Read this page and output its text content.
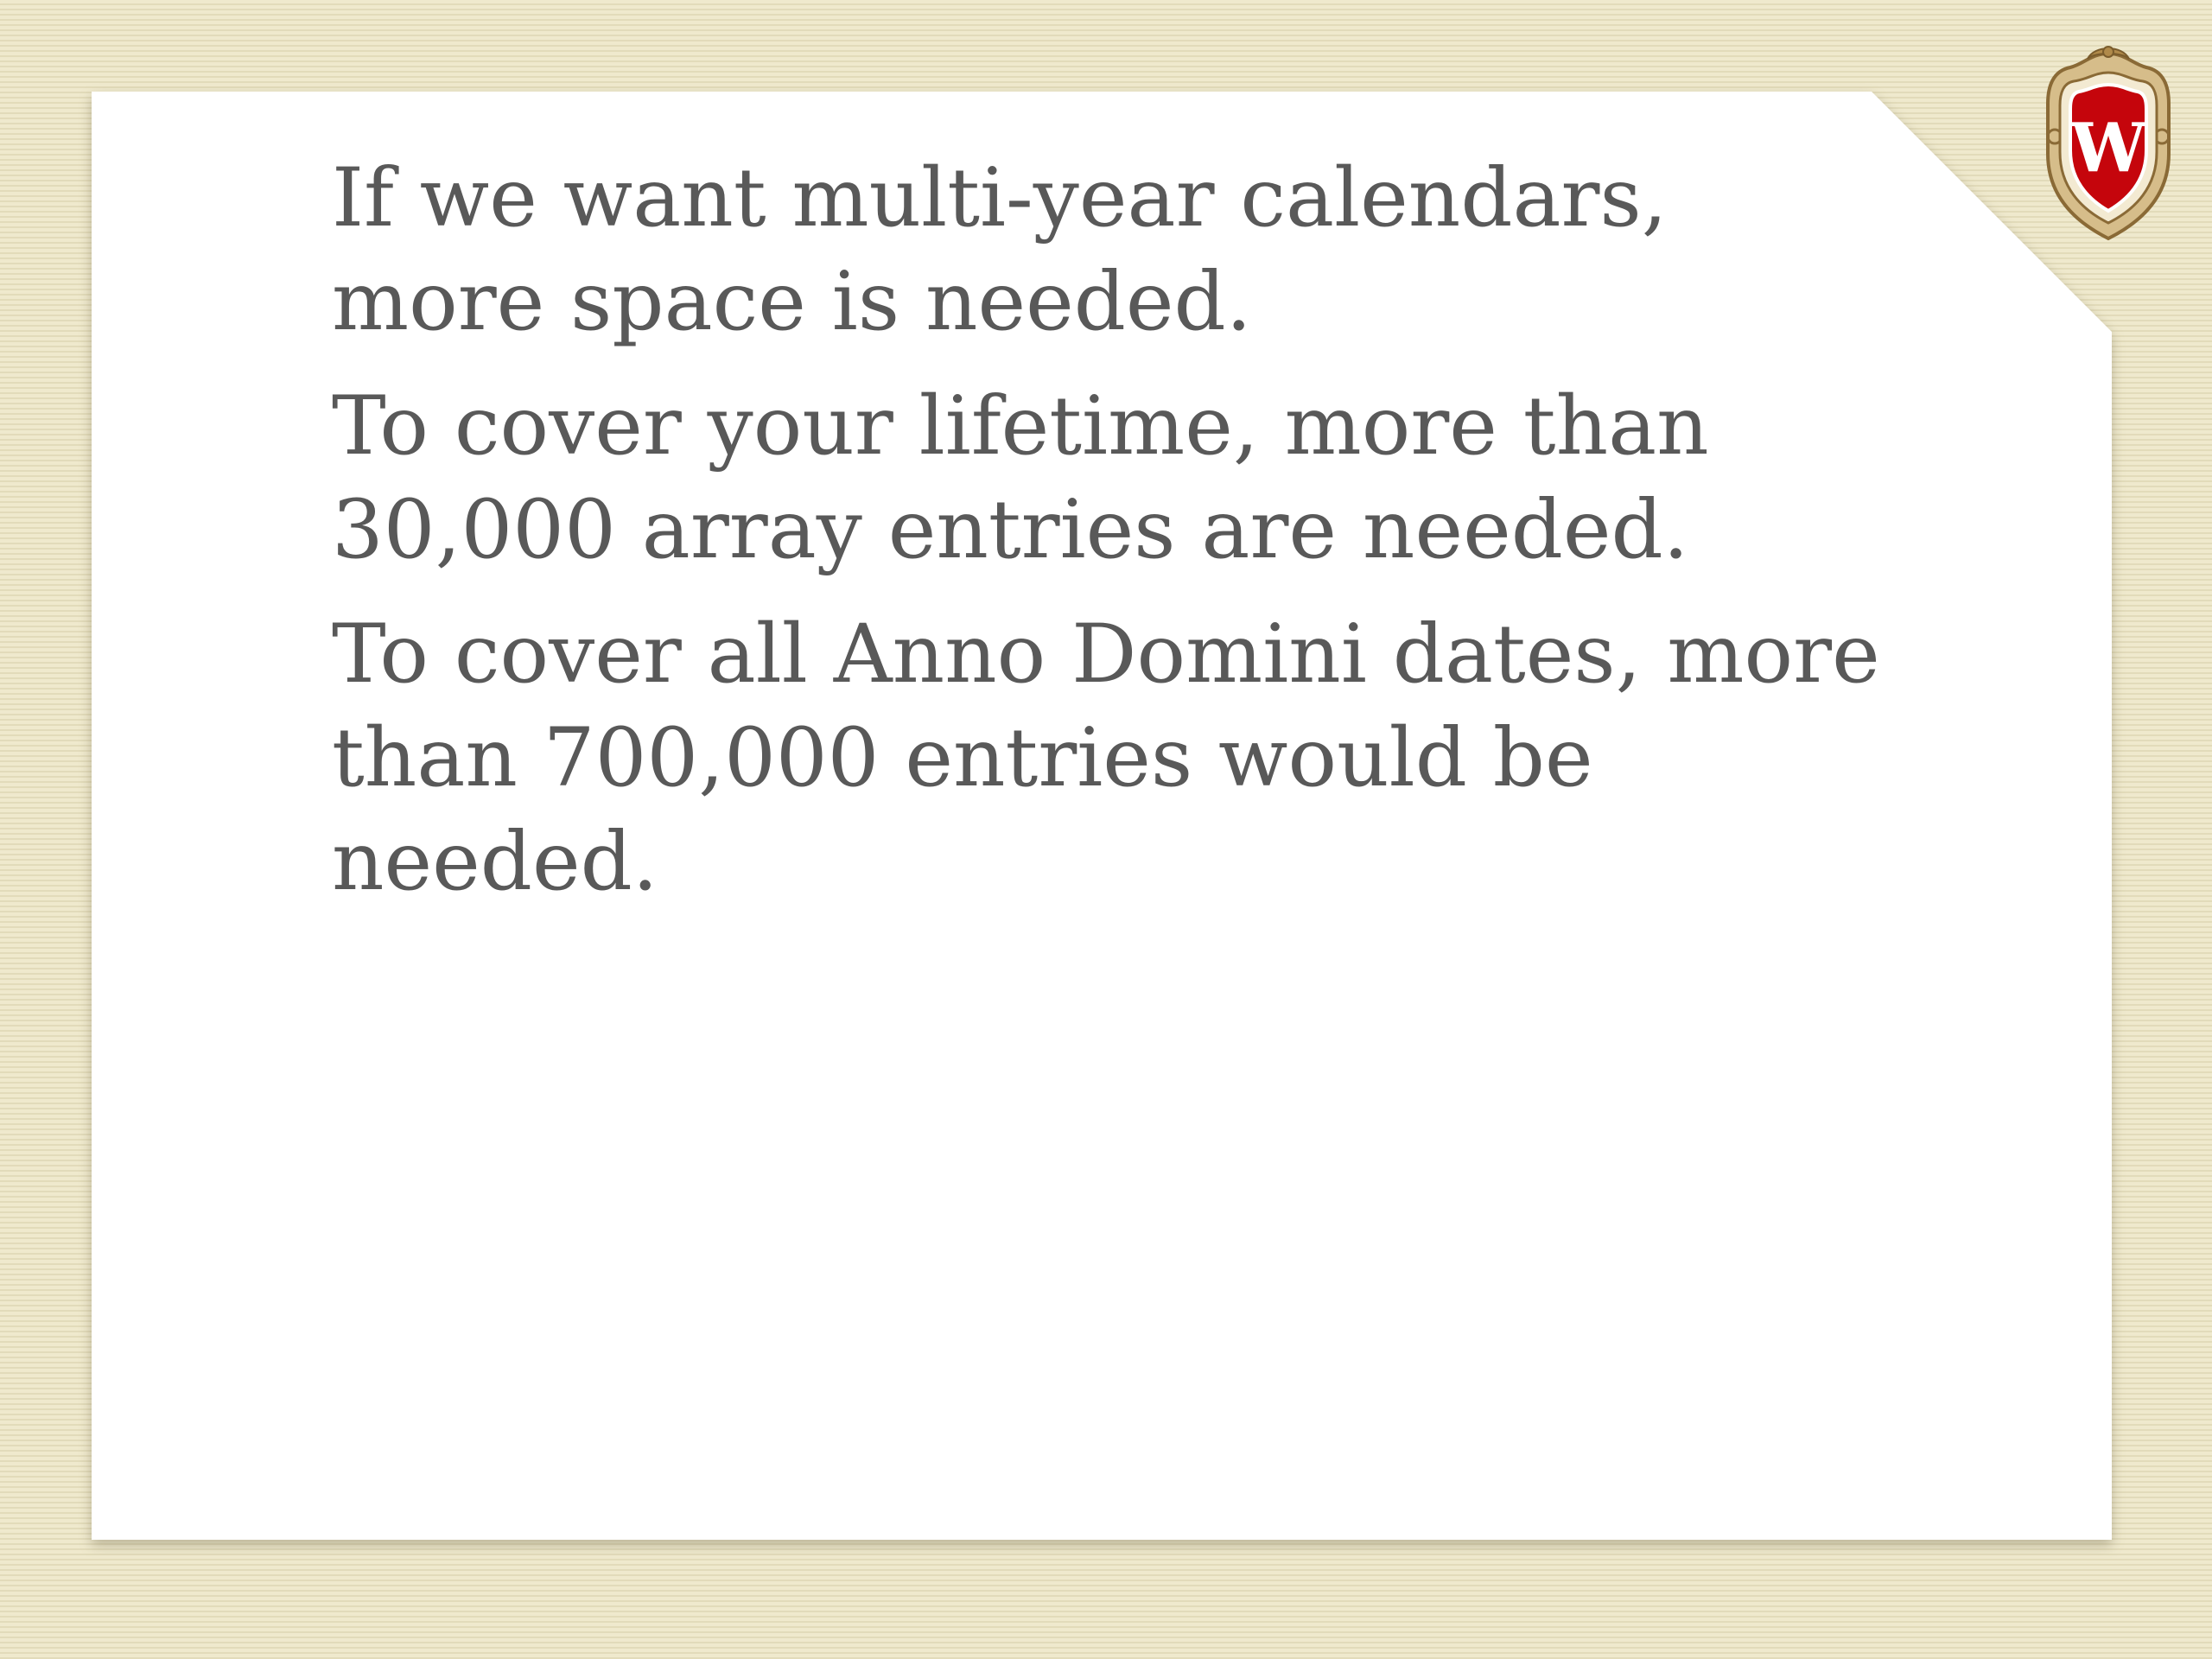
If we want multi-year calendars, more space is needed.

To cover your lifetime, more than 30,000 array entries are needed.

To cover all Anno Domini dates, more than 700,000 entries would be needed.

W
